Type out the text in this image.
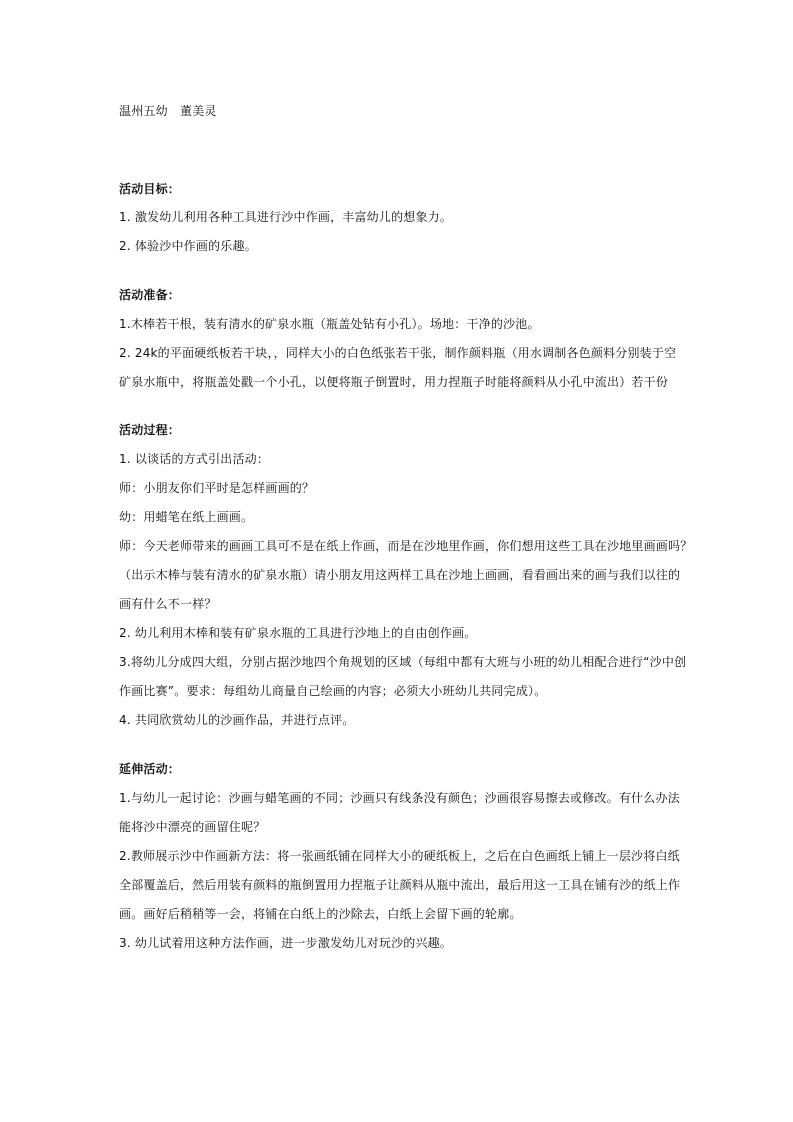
温州五幼　董美灵
活动目标：
1. 激发幼儿利用各种工具进行沙中作画，丰富幼儿的想象力。
2. 体验沙中作画的乐趣。
活动准备：
1.木棒若干根，装有清水的矿泉水瓶（瓶盖处钻有小孔）。场地：干净的沙池。
2. 24k的平面硬纸板若干块，，同样大小的白色纸张若干张，制作颜料瓶（用水调制各色颜料分别装于空
矿泉水瓶中，将瓶盖处戳一个小孔，以便将瓶子倒置时，用力捏瓶子时能将颜料从小孔中流出）若干份
活动过程：
1. 以谈话的方式引出活动：
师：小朋友你们平时是怎样画画的？
幼：用蜡笔在纸上画画。
师：今天老师带来的画画工具可不是在纸上作画，而是在沙地里作画，你们想用这些工具在沙地里画画吗？
（出示木棒与装有清水的矿泉水瓶）请小朋友用这两样工具在沙地上画画，看看画出来的画与我们以往的
画有什么不一样？
2. 幼儿利用木棒和装有矿泉水瓶的工具进行沙地上的自由创作画。
3.将幼儿分成四大组，分别占据沙地四个角规划的区域（每组中都有大班与小班的幼儿相配合进行“沙中创
作画比赛”。要求：每组幼儿商量自己绘画的内容；必须大小班幼儿共同完成）。
4. 共同欣赏幼儿的沙画作品，并进行点评。
延伸活动：
1.与幼儿一起讨论：沙画与蜡笔画的不同；沙画只有线条没有颜色；沙画很容易擦去或修改。有什么办法
能将沙中漂亮的画留住呢？
2.教师展示沙中作画新方法：将一张画纸铺在同样大小的硬纸板上，之后在白色画纸上铺上一层沙将白纸
全部覆盖后，然后用装有颜料的瓶倒置用力捏瓶子让颜料从瓶中流出，最后用这一工具在铺有沙的纸上作
画。画好后稍稍等一会，将铺在白纸上的沙除去，白纸上会留下画的轮廓。
3. 幼儿试着用这种方法作画，进一步激发幼儿对玩沙的兴趣。
